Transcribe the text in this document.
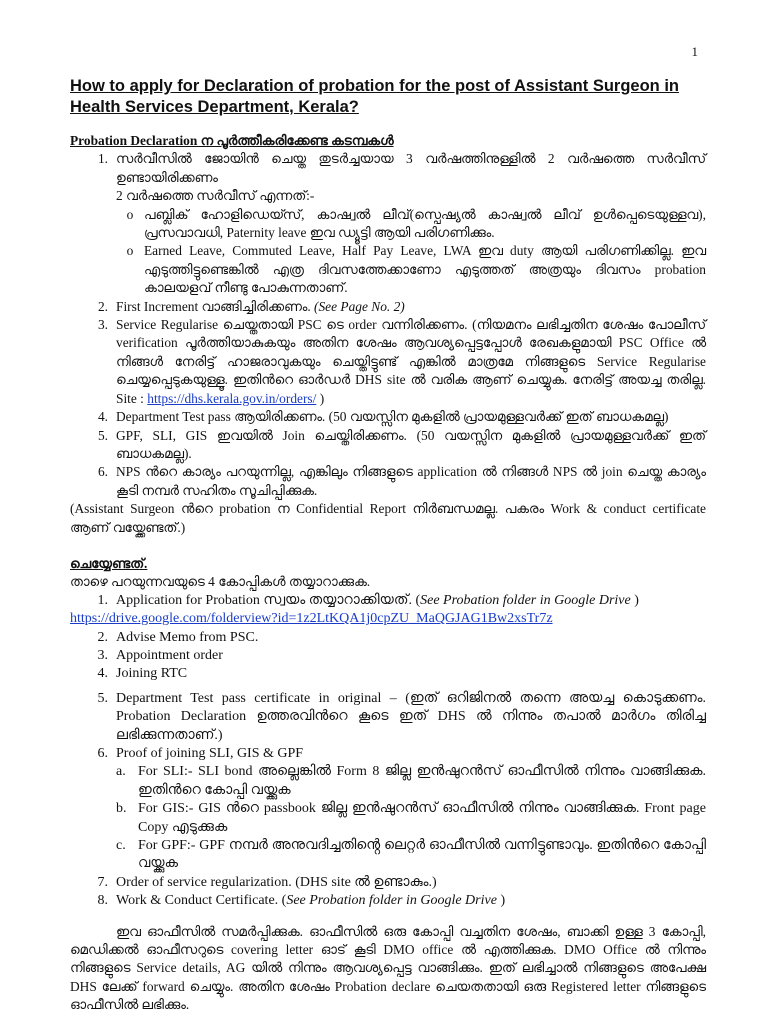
1
How to apply for Declaration of probation for the post of Assistant Surgeon in Health Services Department, Kerala?
Probation Declaration ന പൂർത്തീകരിക്കേണ്ട കടമ്പകൾ
1. സർവീസിൽ ജോയിൻ ചെയ്ത തുടർച്ചയായ 3 വർഷത്തിനുള്ളിൽ 2 വർഷത്തെ സർവീസ് ഉണ്ടായിരിക്കണം
2 വർഷത്തെ സർവീസ് എന്നത്:-
o പബ്ലിക് ഹോളിഡെയ്സ്, കാഷ്വൽ ലീവ്(സ്പെഷ്യൽ കാഷ്വൽ ലീവ് ഉൾപ്പെടെയുള്ളവ), പ്രസവാവധി, Paternity leave ഇവ ഡ്യൂട്ടി ആയി പരിഗണിക്കും.
o Earned Leave, Commuted Leave, Half Pay Leave, LWA ഇവ duty ആയി പരിഗണിക്കില്ല. ഇവ എടുത്തിട്ടുണ്ടെങ്കിൽ എത്ര ദിവസത്തേക്കാണോ എടുത്തത് അത്രയും ദിവസം probation കാലയളവ് നീണ്ടു പോകുന്നതാണ്.
2. First Increment വാങ്ങിച്ചിരിക്കണം. (See Page No. 2)
3. Service Regularise ചെയ്തതായി PSC ടെ order വന്നിരിക്കണം. (നിയമനം ലഭിച്ചതിന ശേഷം പോലീസ് verification പൂർത്തിയാകുകയും അതിന ശേഷം ആവശ്യപ്പെട്ടപ്പോൾ രേഖകളുമായി PSC Office ൽ നിങ്ങൾ നേരിട്ട് ഹാജരാവുകയും ചെയ്തിട്ടുണ്ട് എങ്കിൽ മാത്രമേ നിങ്ങളുടെ Service Regularise ചെയ്യപ്പെടുകയുള്ളൂ. ഇതിൻറെ ഓർഡർ DHS site ൽ വരിക ആണ് ചെയ്യുക. നേരിട്ട് അയച്ച തരില്ല. Site : https://dhs.kerala.gov.in/orders/ )
4. Department Test pass ആയിരിക്കണം. (50 വയസ്സിന മുകളിൽ പ്രായമുള്ളവർക്ക് ഇത് ബാധകമല്ല)
5. GPF, SLI, GIS ഇവയിൽ Join ചെയ്തിരിക്കണം. (50 വയസ്സിന മുകളിൽ പ്രായമുള്ളവർക്ക് ഇത് ബാധകമല്ല).
6. NPS ൻറെ കാര്യം പറയുന്നില്ല, എങ്കിലും നിങ്ങളുടെ application ൽ നിങ്ങൾ NPS ൽ join ചെയ്ത കാര്യം കൂടി നമ്പർ സഹിതം സൂചിപ്പിക്കുക.
(Assistant Surgeon ൻറെ probation ന Confidential Report നിർബന്ധമല്ല. പകരം Work & conduct certificate ആണ് വയ്ക്കേണ്ടത്.)
ചെയ്യേണ്ടത്.
താഴെ പറയുന്നവയുടെ 4 കോപ്പികൾ തയ്യാറാക്കുക.
1. Application for Probation സ്വയം തയ്യാറാക്കിയത്. (See Probation folder in Google Drive )
https://drive.google.com/folderview?id=1z2LtKQA1j0cpZU_MaQGJAG1Bw2xsTr7z
2. Advise Memo from PSC.
3. Appointment order
4. Joining RTC
5. Department Test pass certificate in original – (ഇത് ഒറിജിനൽ തന്നെ അയച്ച കൊടുക്കണം. Probation Declaration ഉത്തരവിൻറെ കൂടെ ഇത് DHS ൽ നിന്നും തപാൽ മാർഗം തിരിച്ച ലഭിക്കുന്നതാണ്.)
6. Proof of joining SLI, GIS & GPF
a. For SLI:- SLI bond അല്ലെങ്കിൽ Form 8 ജില്ല ഇൻഷുറൻസ് ഓഫീസിൽ നിന്നും വാങ്ങിക്കുക. ഇതിൻറെ കോപ്പി വയ്ക്കുക
b. For GIS:- GIS ൻറെ passbook ജില്ല ഇൻഷുറൻസ് ഓഫീസിൽ നിന്നും വാങ്ങിക്കുക. Front page Copy എടുക്കുക
c. For GPF:- GPF നമ്പർ അനുവദിച്ചതിൻ്റെ ലെറ്റർ ഓഫീസിൽ വന്നിട്ടുണ്ടാവും. ഇതിൻറെ കോപ്പി വയ്ക്കുക
7. Order of service regularization. (DHS site ൽ ഉണ്ടാകും.)
8. Work & Conduct Certificate. (See Probation folder in Google Drive )
ഇവ ഓഫീസിൽ സമർപ്പിക്കുക. ഓഫീസിൽ ഒരു കോപ്പി വച്ചതിന ശേഷം, ബാക്കി ഉള്ള 3 കോപ്പി, മെഡിക്കൽ ഓഫീസറുടെ covering letter ഓട് കൂടി DMO office ൽ എത്തിക്കുക. DMO Office ൽ നിന്നും നിങ്ങളുടെ Service details, AG യിൽ നിന്നും ആവശ്യപ്പെട്ട വാങ്ങിക്കും. ഇത് ലഭിച്ചാൽ നിങ്ങളുടെ അപേക്ഷ DHS ലേക്ക് forward ചെയ്യും. അതിന ശേഷം Probation declare ചെയതതായി ഒരു Registered letter നിങ്ങളുടെ ഓഫീസിൽ ലഭിക്കും.
